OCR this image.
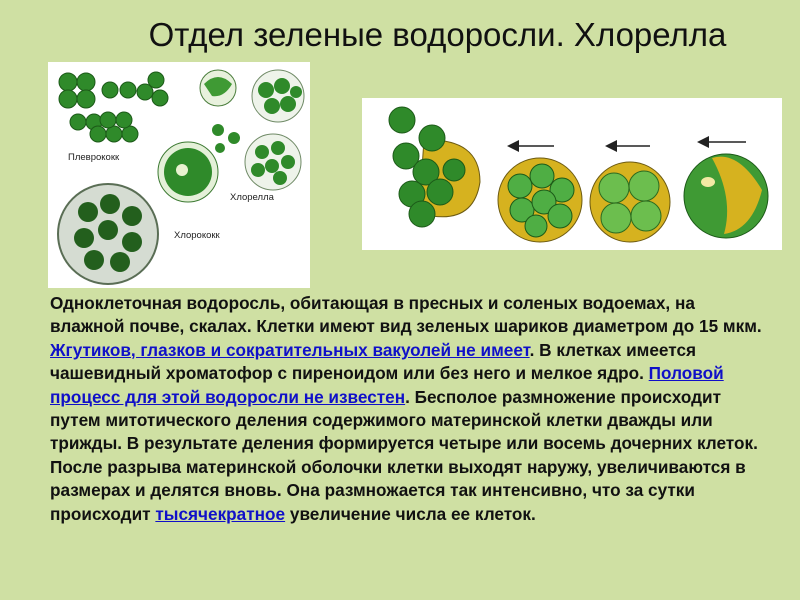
Отдел зеленые водоросли. Хлорелла
Плеврококк
Хлорелла
Хлорококк
Одноклеточная водоросль, обитающая в пресных и соленых водоемах, на влажной почве, скалах. Клетки имеют вид зеленых шариков диаметром до 15 мкм. Жгутиков, глазков и сократительных вакуолей не имеет. В клетках имеется чашевидный хроматофор с пиреноидом или без него и мелкое ядро. Половой процесс для этой водоросли не известен. Бесполое размножение происходит путем митотического деления содержимого материнской клетки дважды или трижды. В результате деления формируется четыре или восемь дочерних клеток. После разрыва материнской оболочки клетки выходят наружу, увеличиваются в размерах и делятся вновь. Она размножается так интенсивно, что за сутки происходит тысячекратное увеличение числа ее клеток.
